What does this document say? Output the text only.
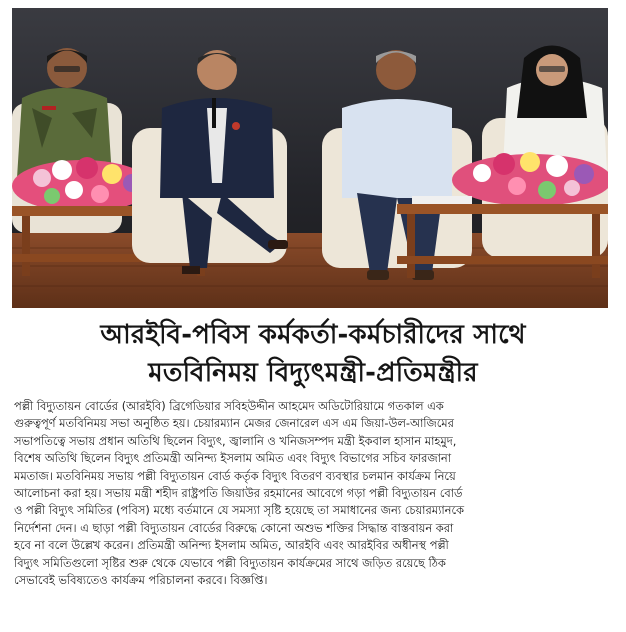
আরইবি-পবিস কর্মকর্তা-কর্মচারীদের সাথে
মতবিনিময় বিদ্যুৎমন্ত্রী-প্রতিমন্ত্রীর
পল্লী বিদ্যুতায়ন বোর্ডের (আরইবি) ব্রিগেডিয়ার সবিহউদ্দীন আহমেদ অডিটোরিয়ামে গতকাল এক
গুরুত্বপূর্ণ মতবিনিময় সভা অনুষ্ঠিত হয়। চেয়ারম্যান মেজর জেনারেল এস এম জিয়া-উল-আজিমের
সভাপতিত্বে সভায় প্রধান অতিথি ছিলেন বিদ্যুৎ, জ্বালানি ও খনিজসম্পদ মন্ত্রী ইকবাল হাসান মাহমুদ,
বিশেষ অতিথি ছিলেন বিদ্যুৎ প্রতিমন্ত্রী অনিন্দ্য ইসলাম অমিত এবং বিদ্যুৎ বিভাগের সচিব ফারজানা
মমতাজ। মতবিনিময় সভায় পল্লী বিদ্যুতায়ন বোর্ড কর্তৃক বিদ্যুৎ বিতরণ ব্যবস্থার চলমান কার্যক্রম নিয়ে
আলোচনা করা হয়। সভায় মন্ত্রী শহীদ রাষ্ট্রপতি জিয়াউর রহমানের আবেগে গড়া পল্লী বিদ্যুতায়ন বোর্ড
ও পল্লী বিদ্যুৎ সমিতির (পবিস) মধ্যে বর্তমানে যে সমস্যা সৃষ্টি হয়েছে তা সমাধানের জন্য চেয়ারম্যানকে
নির্দেশনা দেন। এ ছাড়া পল্লী বিদ্যুতায়ন বোর্ডের বিরুদ্ধে কোনো অশুভ শক্তির সিদ্ধান্ত বাস্তবায়ন করা
হবে না বলে উল্লেখ করেন। প্রতিমন্ত্রী অনিন্দ্য ইসলাম অমিত, আরইবি এবং আরইবির অধীনস্থ পল্লী
বিদ্যুৎ সমিতিগুলো সৃষ্টির শুরু থেকে যেভাবে পল্লী বিদ্যুতায়ন কার্যক্রমের সাথে জড়িত রয়েছে ঠিক
সেভাবেই ভবিষ্যতেও কার্যক্রম পরিচালনা করবে। বিজ্ঞপ্তি।
